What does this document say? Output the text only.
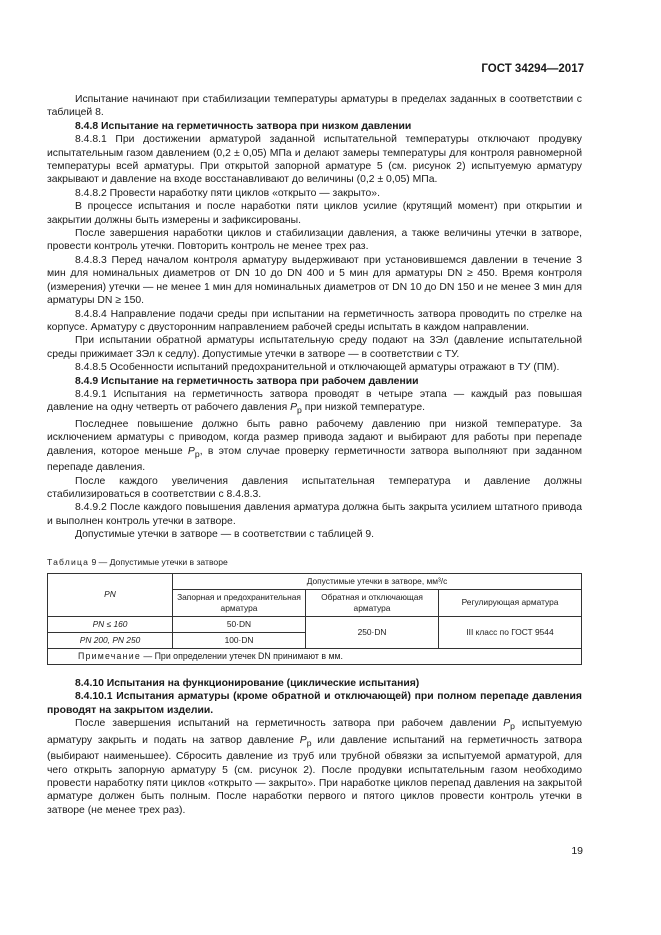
ГОСТ 34294—2017

Испытание начинают при стабилизации температуры арматуры в пределах заданных в соответствии с таблицей 8.

8.4.8 Испытание на герметичность затвора при низком давлении

8.4.8.1 При достижении арматурой заданной испытательной температуры отключают продувку испытательным газом давлением (0,2 ± 0,05) МПа и делают замеры температуры для контроля равномерной температуры всей арматуры. При открытой запорной арматуре 5 (см. рисунок 2) испытуемую арматуру закрывают и давление на входе восстанавливают до величины (0,2 ± 0,05) МПа.

8.4.8.2 Провести наработку пяти циклов «открыто — закрыто».

В процессе испытания и после наработки пяти циклов усилие (крутящий момент) при открытии и закрытии должны быть измерены и зафиксированы.

После завершения наработки циклов и стабилизации давления, а также величины утечки в затворе, провести контроль утечки. Повторить контроль не менее трех раз.

8.4.8.3 Перед началом контроля арматуру выдерживают при установившемся давлении в течение 3 мин для номинальных диаметров от DN 10 до DN 400 и 5 мин для арматуры DN ≥ 450. Время контроля (измерения) утечки — не менее 1 мин для номинальных диаметров от DN 10 до DN 150 и не менее 3 мин для арматуры DN ≥ 150.

8.4.8.4 Направление подачи среды при испытании на герметичность затвора проводить по стрелке на корпусе. Арматуру с двусторонним направлением рабочей среды испытать в каждом направлении.

При испытании обратной арматуры испытательную среду подают на 3Эл (давление испытательной среды прижимает 3Эл к седлу). Допустимые утечки в затворе — в соответствии с ТУ.

8.4.8.5 Особенности испытаний предохранительной и отключающей арматуры отражают в ТУ (ПМ).

8.4.9 Испытание на герметичность затвора при рабочем давлении

8.4.9.1 Испытания на герметичность затвора проводят в четыре этапа — каждый раз повышая давление на одну четверть от рабочего давления $P_p$ при низкой температуре.

Последнее повышение должно быть равно рабочему давлению при низкой температуре. За исключением арматуры с приводом, когда размер привода задают и выбирают для работы при перепаде давления, которое меньше $P_p$, в этом случае проверку герметичности затвора выполняют при заданном перепаде давления.

После каждого увеличения давления испытательная температура и давление должны стабилизироваться в соответствии с 8.4.8.3.

8.4.9.2 После каждого повышения давления арматура должна быть закрыта усилием штатного привода и выполнен контроль утечки в затворе.

Допустимые утечки в затворе — в соответствии с таблицей 9.

Таблица 9 — Допустимые утечки в затворе
PN	Допустимые утечки в затворе, мм³/с		
	Запорная и предохранительная арматура	Обратная и отключающая арматура	Регулирующая арматура
PN ≤ 160	50·DN	250·DN	III класс по ГОСТ 9544
PN 200, PN 250	100·DN		
Примечание — При определении утечек DN принимают в мм.			

8.4.10 Испытания на функционирование (циклические испытания)

8.4.10.1 Испытания арматуры (кроме обратной и отключающей) при полном перепаде давления проводят на закрытом изделии.

После завершения испытаний на герметичность затвора при рабочем давлении $P_p$ испытуемую арматуру закрыть и подать на затвор давление $P_p$ или давление испытаний на герметичность затвора (выбирают наименьшее). Сбросить давление из труб или трубной обвязки за испытуемой арматурой, для чего открыть запорную арматуру 5 (см. рисунок 2). После продувки испытательным газом необходимо провести наработку пяти циклов «открыто — закрыто». При наработке циклов перепад давления на закрытой арматуре должен быть полным. После наработки первого и пятого циклов провести контроль утечки в затворе (не менее трех раз).

19
